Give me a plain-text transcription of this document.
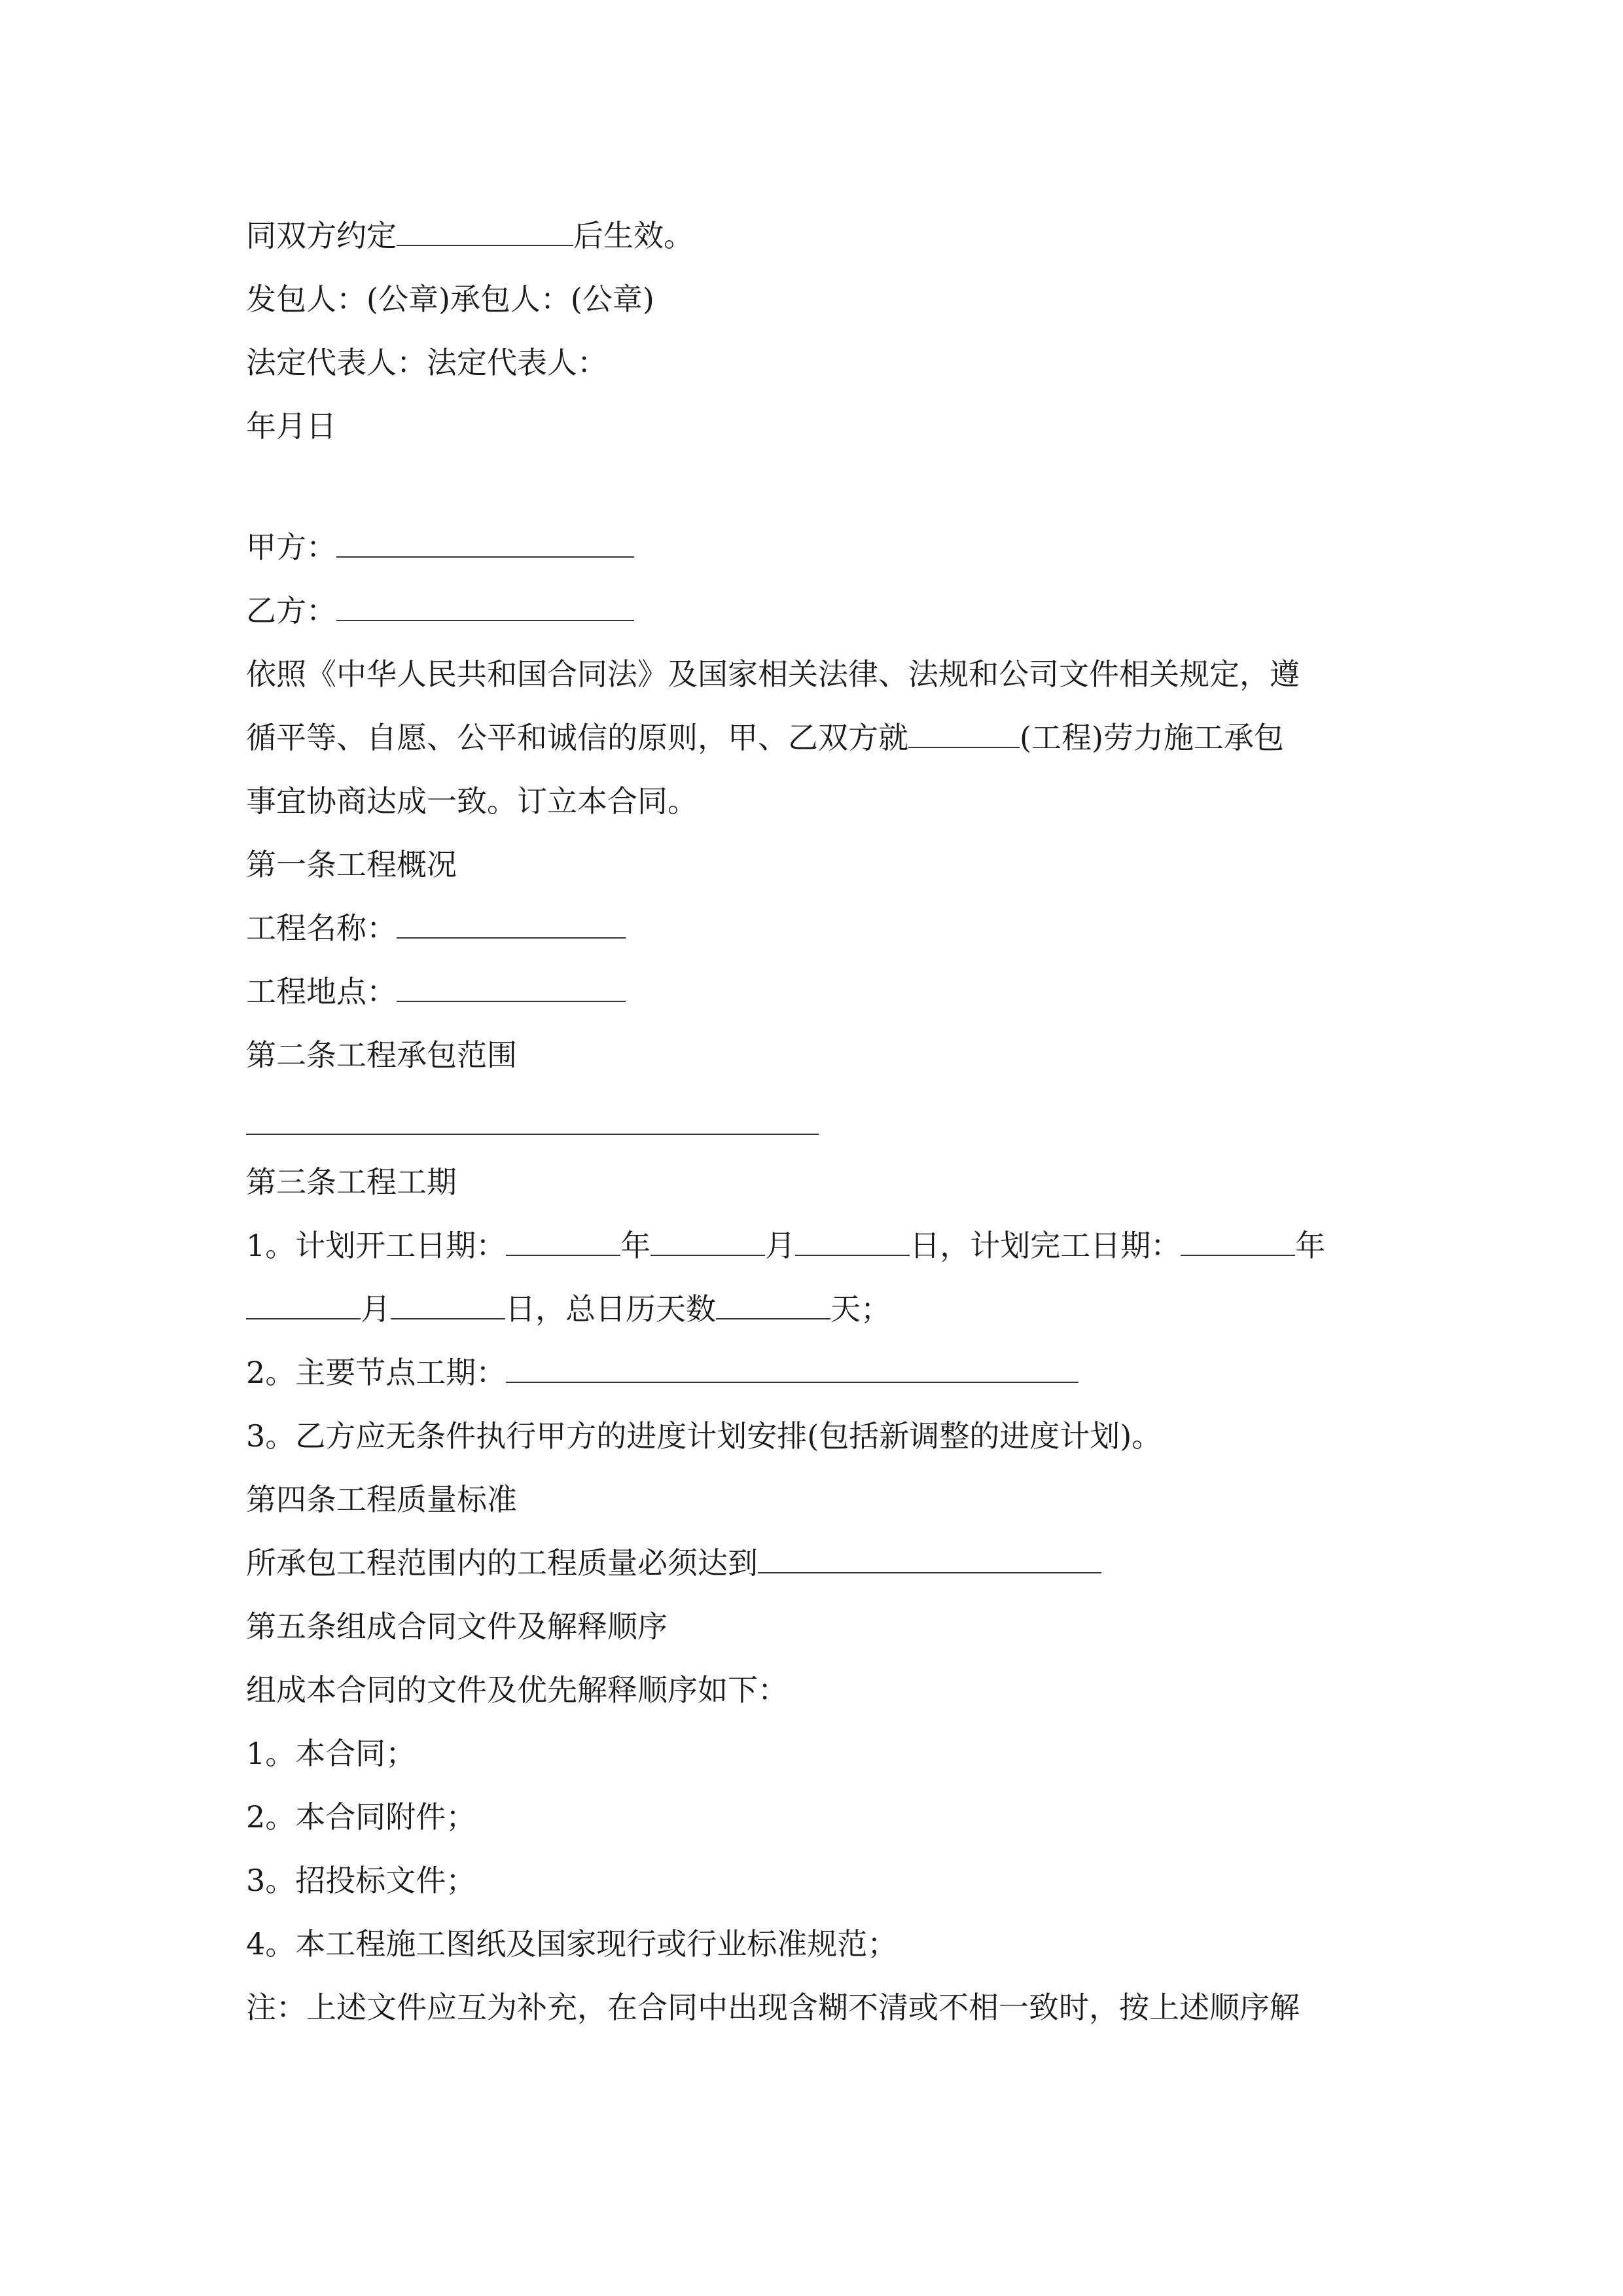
同双方约定	后生效。
发包人：(公章)承包人：(公章)
法定代表人：法定代表人：
年月日
甲方：
乙方：
依照《中华人民共和国合同法》及国家相关法律、法规和公司文件相关规定，遵
循平等、自愿、公平和诚信的原则，甲、乙双方就	(工程)劳力施工承包
事宜协商达成一致。订立本合同。
第一条工程概况
工程名称：
工程地点：
第二条工程承包范围
第三条工程工期
1。计划开工日期：	年	月	日，计划完工日期：	年
月	日，总日历天数	天；
2。主要节点工期：
3。乙方应无条件执行甲方的进度计划安排(包括新调整的进度计划)。
第四条工程质量标准
所承包工程范围内的工程质量必须达到
第五条组成合同文件及解释顺序
组成本合同的文件及优先解释顺序如下：
1。本合同；
2。本合同附件；
3。招投标文件；
4。本工程施工图纸及国家现行或行业标准规范；
注：上述文件应互为补充，在合同中出现含糊不清或不相一致时，按上述顺序解
